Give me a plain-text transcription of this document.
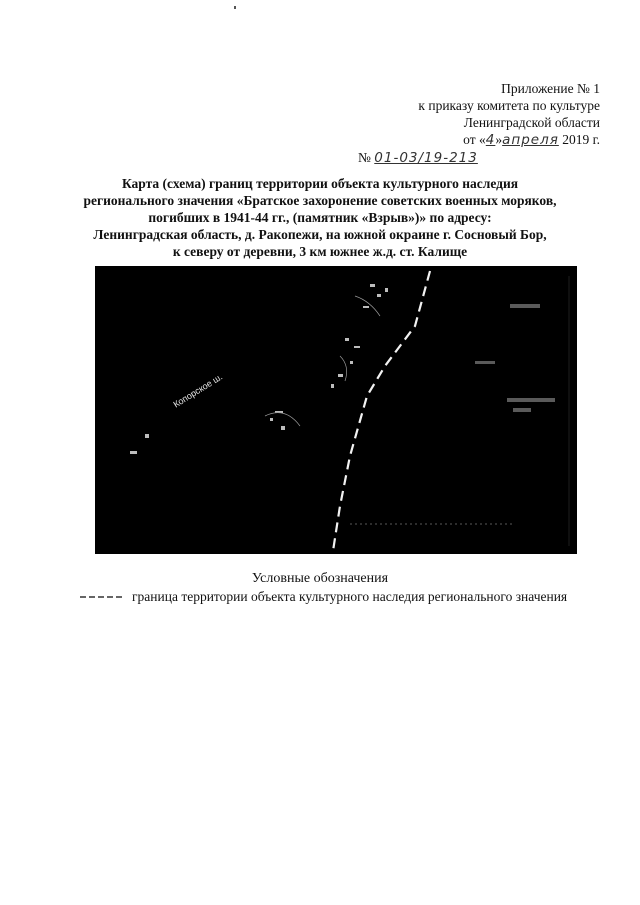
Приложение № 1
к приказу комитета по культуре
Ленинградской области
от «4»апреля 2019 г.
№ 01-03/19-213
Карта (схема) границ территории объекта культурного наследия
регионального значения «Братское захоронение советских военных моряков,
погибших в 1941-44 гг., (памятник «Взрыв»)» по адресу:
Ленинградская область, д. Ракопежи, на южной окраине г. Сосновый Бор,
к северу от деревни, 3 км южнее ж.д. ст. Калище
Копорское ш.
Условные обозначения
граница территории объекта культурного наследия регионального значения
